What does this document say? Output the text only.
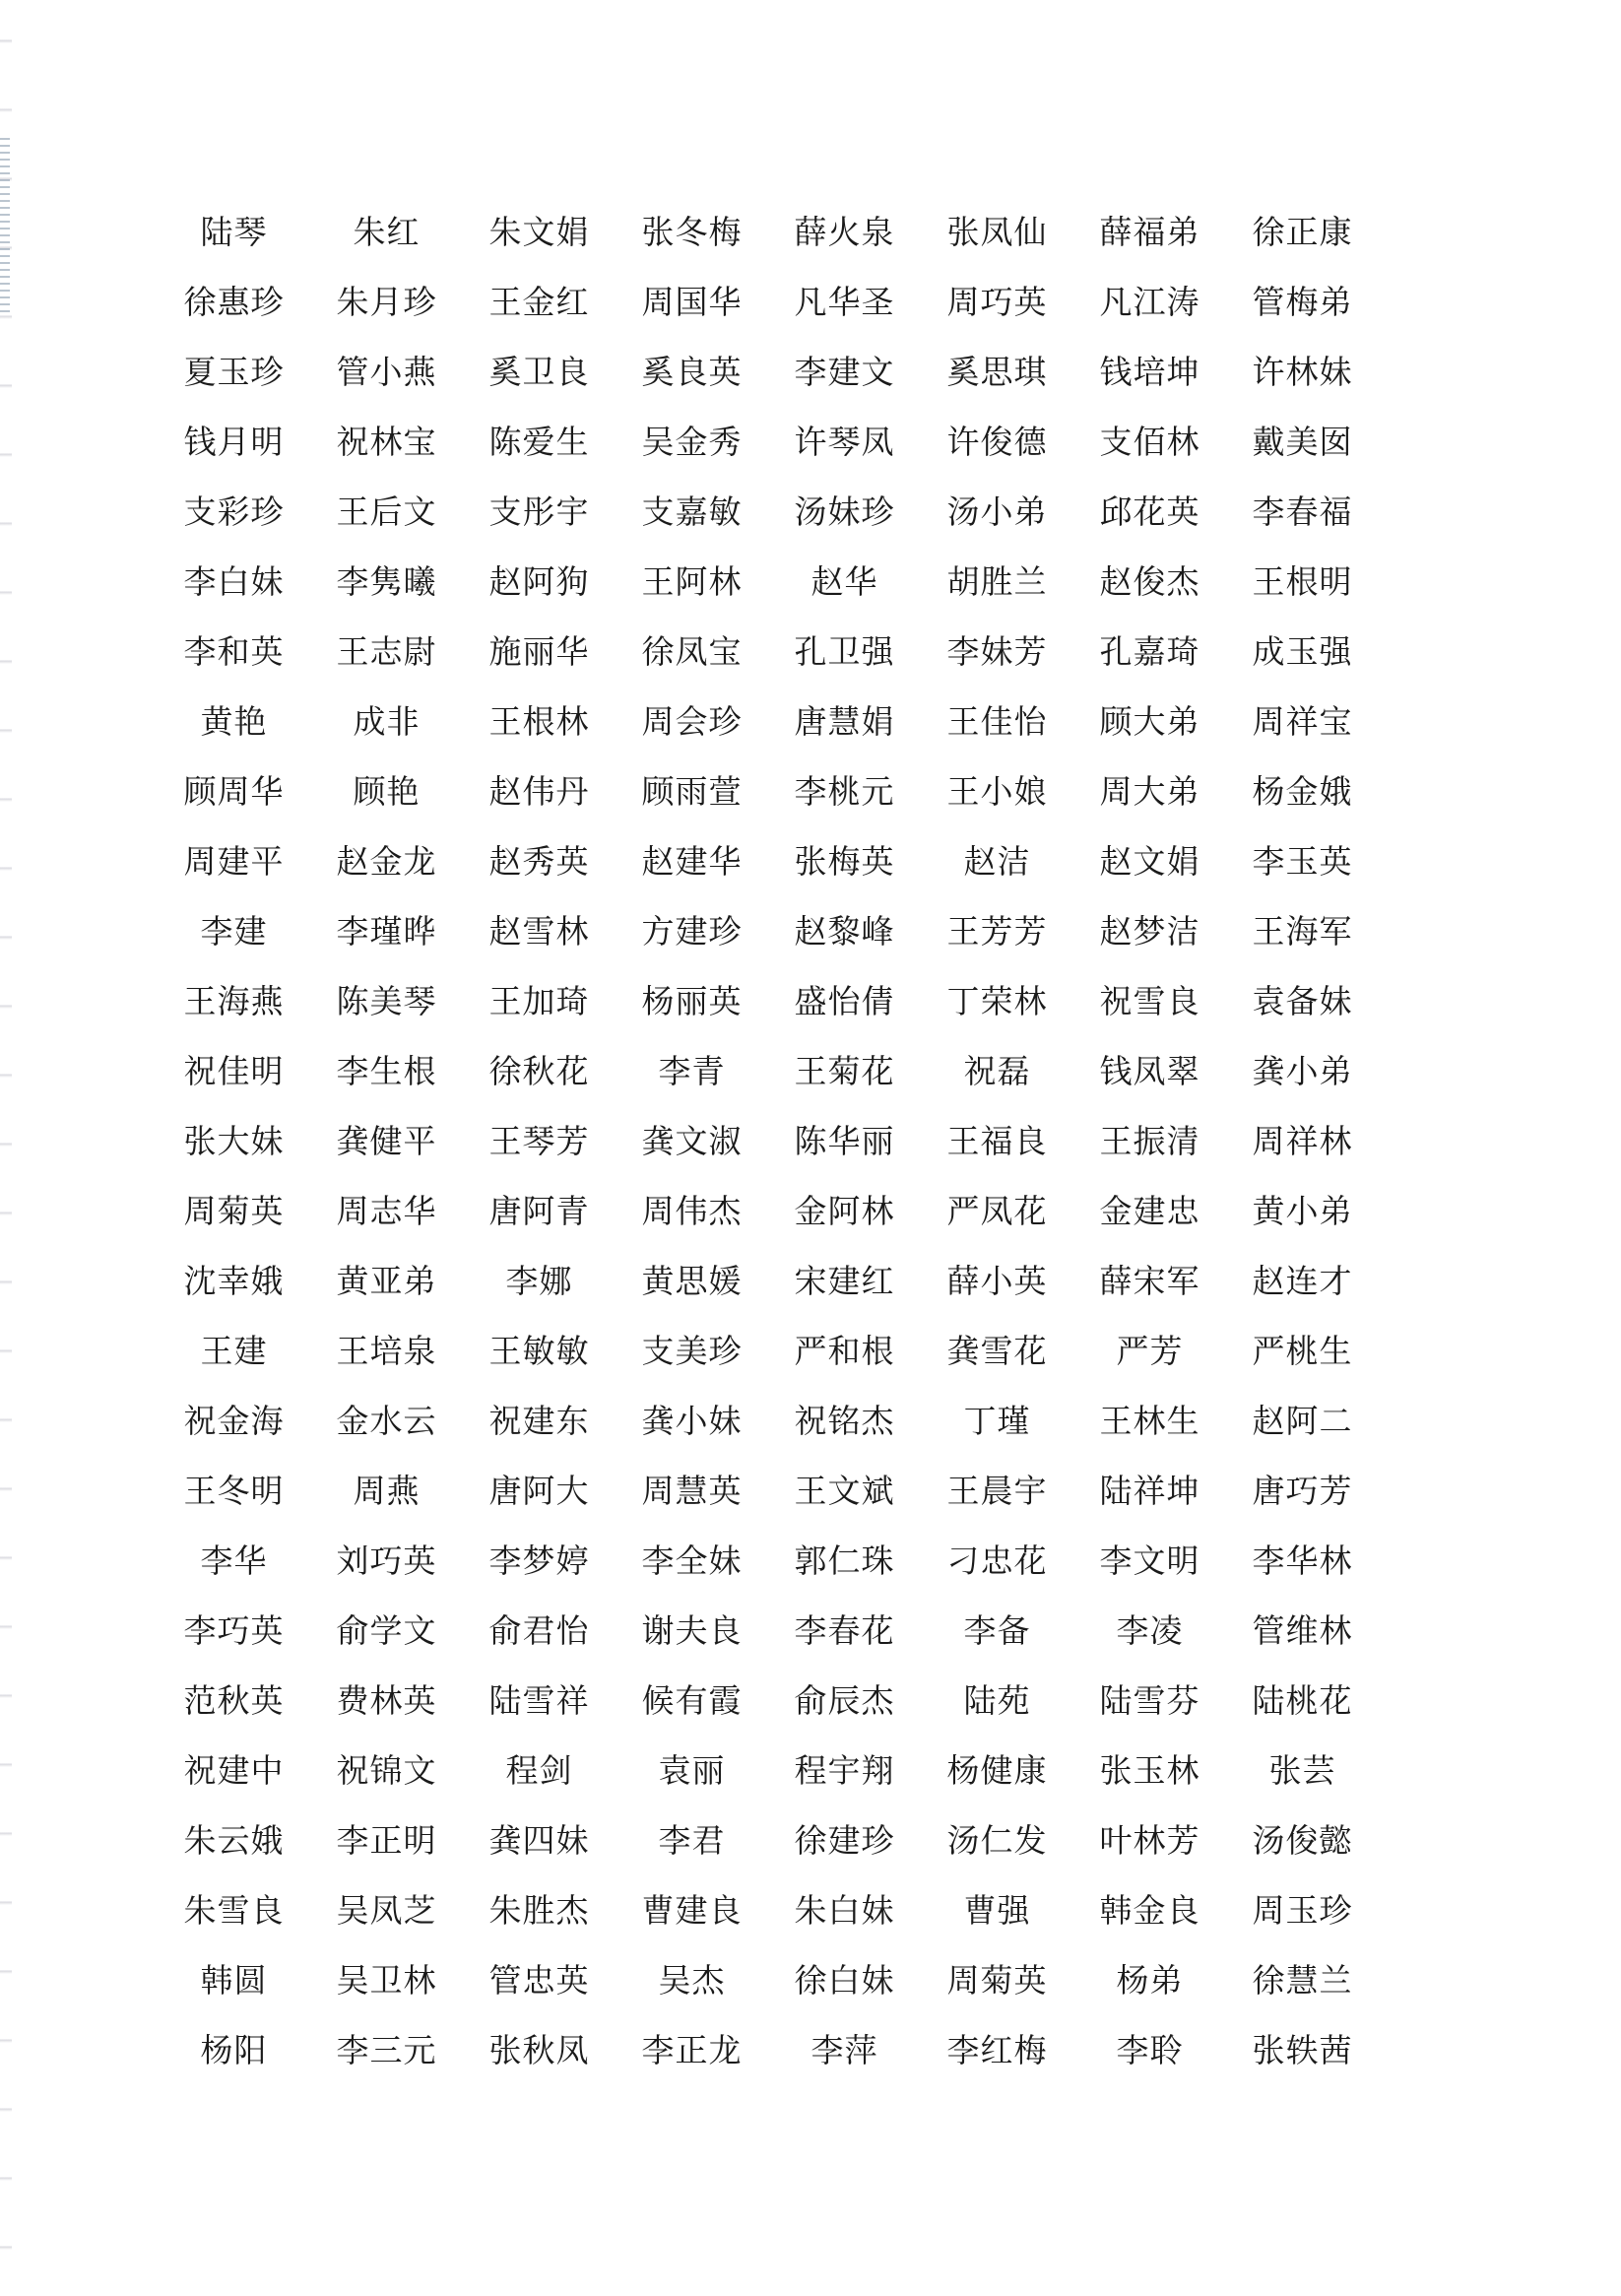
陆琴	朱红	朱文娟	张冬梅	薛火泉	张凤仙	薛福弟	徐正康
徐惠珍	朱月珍	王金红	周国华	凡华圣	周巧英	凡江涛	管梅弟
夏玉珍	管小燕	奚卫良	奚良英	李建文	奚思琪	钱培坤	许林妹
钱月明	祝林宝	陈爱生	吴金秀	许琴凤	许俊德	支佰林	戴美囡
支彩珍	王后文	支彤宇	支嘉敏	汤妹珍	汤小弟	邱花英	李春福
李白妹	李隽曦	赵阿狗	王阿林	赵华	胡胜兰	赵俊杰	王根明
李和英	王志尉	施丽华	徐凤宝	孔卫强	李妹芳	孔嘉琦	成玉强
黄艳	成非	王根林	周会珍	唐慧娟	王佳怡	顾大弟	周祥宝
顾周华	顾艳	赵伟丹	顾雨萱	李桃元	王小娘	周大弟	杨金娥
周建平	赵金龙	赵秀英	赵建华	张梅英	赵洁	赵文娟	李玉英
李建	李瑾晔	赵雪林	方建珍	赵黎峰	王芳芳	赵梦洁	王海军
王海燕	陈美琴	王加琦	杨丽英	盛怡倩	丁荣林	祝雪良	袁备妹
祝佳明	李生根	徐秋花	李青	王菊花	祝磊	钱凤翠	龚小弟
张大妹	龚健平	王琴芳	龚文淑	陈华丽	王福良	王振清	周祥林
周菊英	周志华	唐阿青	周伟杰	金阿林	严凤花	金建忠	黄小弟
沈幸娥	黄亚弟	李娜	黄思媛	宋建红	薛小英	薛宋军	赵连才
王建	王培泉	王敏敏	支美珍	严和根	龚雪花	严芳	严桃生
祝金海	金水云	祝建东	龚小妹	祝铭杰	丁瑾	王林生	赵阿二
王冬明	周燕	唐阿大	周慧英	王文斌	王晨宇	陆祥坤	唐巧芳
李华	刘巧英	李梦婷	李全妹	郭仁珠	刁忠花	李文明	李华林
李巧英	俞学文	俞君怡	谢夫良	李春花	李备	李凌	管维林
范秋英	费林英	陆雪祥	候有霞	俞辰杰	陆苑	陆雪芬	陆桃花
祝建中	祝锦文	程剑	袁丽	程宇翔	杨健康	张玉林	张芸
朱云娥	李正明	龚四妹	李君	徐建珍	汤仁发	叶林芳	汤俊懿
朱雪良	吴凤芝	朱胜杰	曹建良	朱白妹	曹强	韩金良	周玉珍
韩圆	吴卫林	管忠英	吴杰	徐白妹	周菊英	杨弟	徐慧兰
杨阳	李三元	张秋凤	李正龙	李萍	李红梅	李聆	张轶茜
